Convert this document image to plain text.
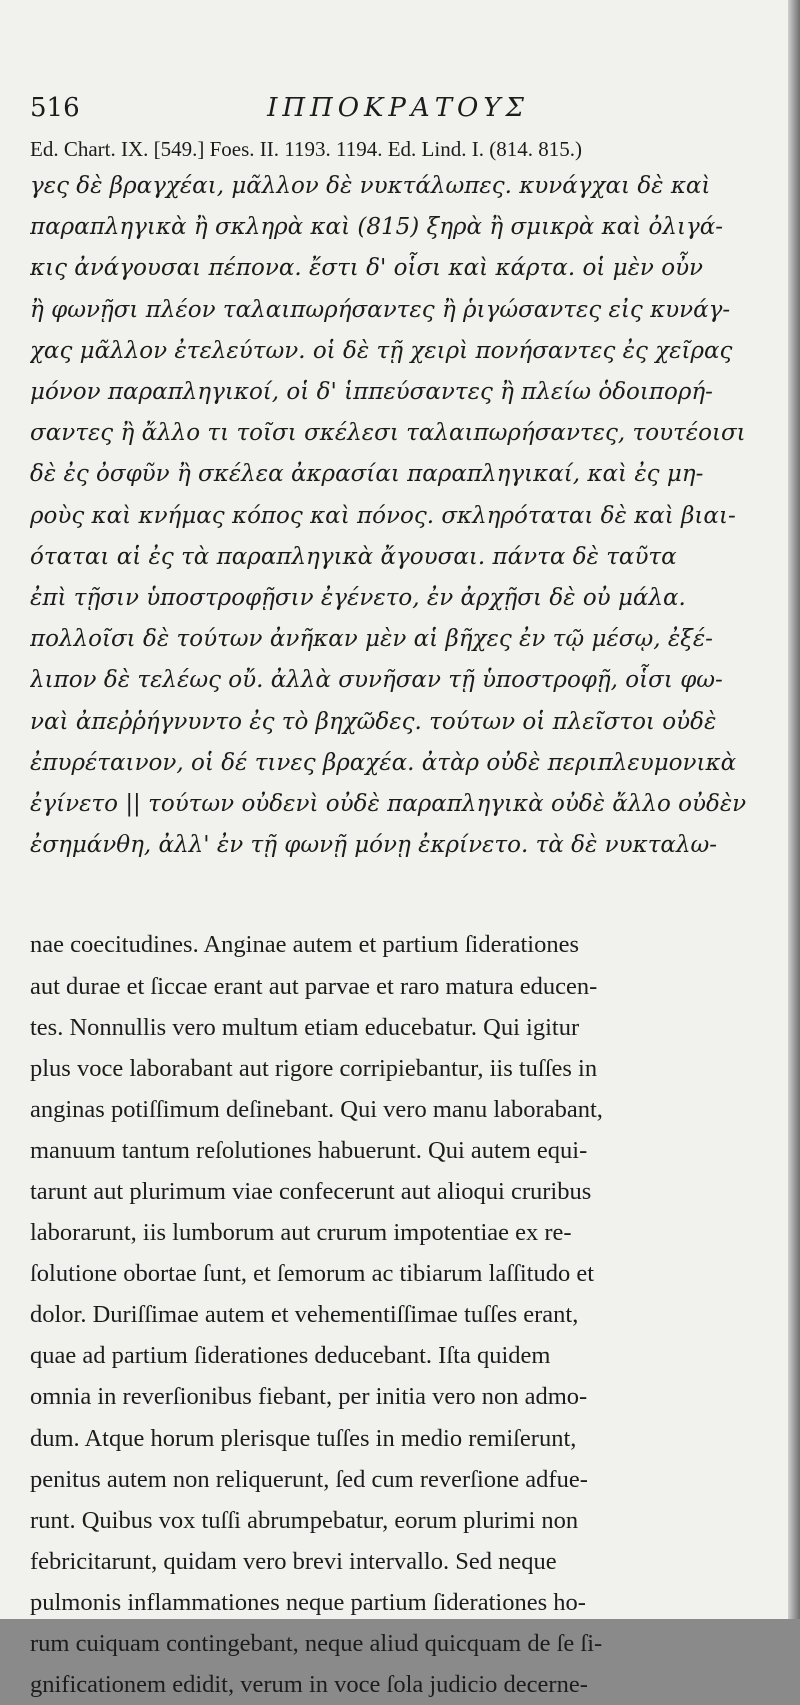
516	ΙΠΠΟΚΡΑΤΟΥΣ
Ed. Chart. IX. [549.] Foes. II. 1193. 1194. Ed. Lind. I. (814. 815.)
γες δὲ βραγχέαι, μᾶλλον δὲ νυκτάλωπες. κυνάγχαι δὲ καὶ
παραπληγικὰ ἢ σκληρὰ καὶ (815) ξηρὰ ἢ σμικρὰ καὶ ὀλιγά-
κις ἀνάγουσαι πέπονα. ἔστι δ' οἷσι καὶ κάρτα. οἱ μὲν οὖν
ἢ φωνῇσι πλέον ταλαιπωρήσαντες ἢ ῥιγώσαντες εἰς κυνάγ-
χας μᾶλλον ἐτελεύτων. οἱ δὲ τῇ χειρὶ πονήσαντες ἐς χεῖρας
μόνον παραπληγικοί, οἱ δ' ἱππεύσαντες ἢ πλείω ὁδοιπορή-
σαντες ἢ ἄλλο τι τοῖσι σκέλεσι ταλαιπωρήσαντες, τουτέοισι
δὲ ἐς ὀσφῦν ἢ σκέλεα ἀκρασίαι παραπληγικαί, καὶ ἐς μη-
ροὺς καὶ κνήμας κόπος καὶ πόνος. σκληρόταται δὲ καὶ βιαι-
όταται αἱ ἐς τὰ παραπληγικὰ ἄγουσαι. πάντα δὲ ταῦτα
ἐπὶ τῇσιν ὑποστροφῇσιν ἐγένετο, ἐν ἀρχῇσι δὲ οὐ μάλα.
πολλοῖσι δὲ τούτων ἀνῆκαν μὲν αἱ βῆχες ἐν τῷ μέσῳ, ἐξέ-
λιπον δὲ τελέως οὔ. ἀλλὰ συνῆσαν τῇ ὑποστροφῇ, οἷσι φω-
ναὶ ἀπεῤῥήγνυντο ἐς τὸ βηχῶδες. τούτων οἱ πλεῖστοι οὐδὲ
ἐπυρέταινον, οἱ δέ τινες βραχέα. ἀτὰρ οὐδὲ περιπλευμονικὰ
ἐγίνετο || τούτων οὐδενὶ οὐδὲ παραπληγικὰ οὐδὲ ἄλλο οὐδὲν
ἐσημάνθη, ἀλλ' ἐν τῇ φωνῇ μόνῃ ἐκρίνετο. τὰ δὲ νυκταλω-
nae coecitudines. Anginae autem et partium ſiderationes
aut durae et ſiccae erant aut parvae et raro matura educen-
tes. Nonnullis vero multum etiam educebatur. Qui igitur
plus voce laborabant aut rigore corripiebantur, iis tuſſes in
anginas potiſſimum deſinebant. Qui vero manu laborabant,
manuum tantum reſolutiones habuerunt. Qui autem equi-
tarunt aut plurimum viae confecerunt aut alioqui cruribus
laborarunt, iis lumborum aut crurum impotentiae ex re-
ſolutione obortae ſunt, et ſemorum ac tibiarum laſſitudo et
dolor. Duriſſimae autem et vehementiſſimae tuſſes erant,
quae ad partium ſiderationes deducebant. Iſta quidem
omnia in reverſionibus fiebant, per initia vero non admo-
dum. Atque horum plerisque tuſſes in medio remiſerunt,
penitus autem non reliquerunt, ſed cum reverſione adfue-
runt. Quibus vox tuſſi abrumpebatur, eorum plurimi non
febricitarunt, quidam vero brevi intervallo. Sed neque
pulmonis inflammationes neque partium ſiderationes ho-
rum cuiquam contingebant, neque aliud quicquam de ſe ſi-
gnificationem edidit, verum in voce ſola judicio decerne-
